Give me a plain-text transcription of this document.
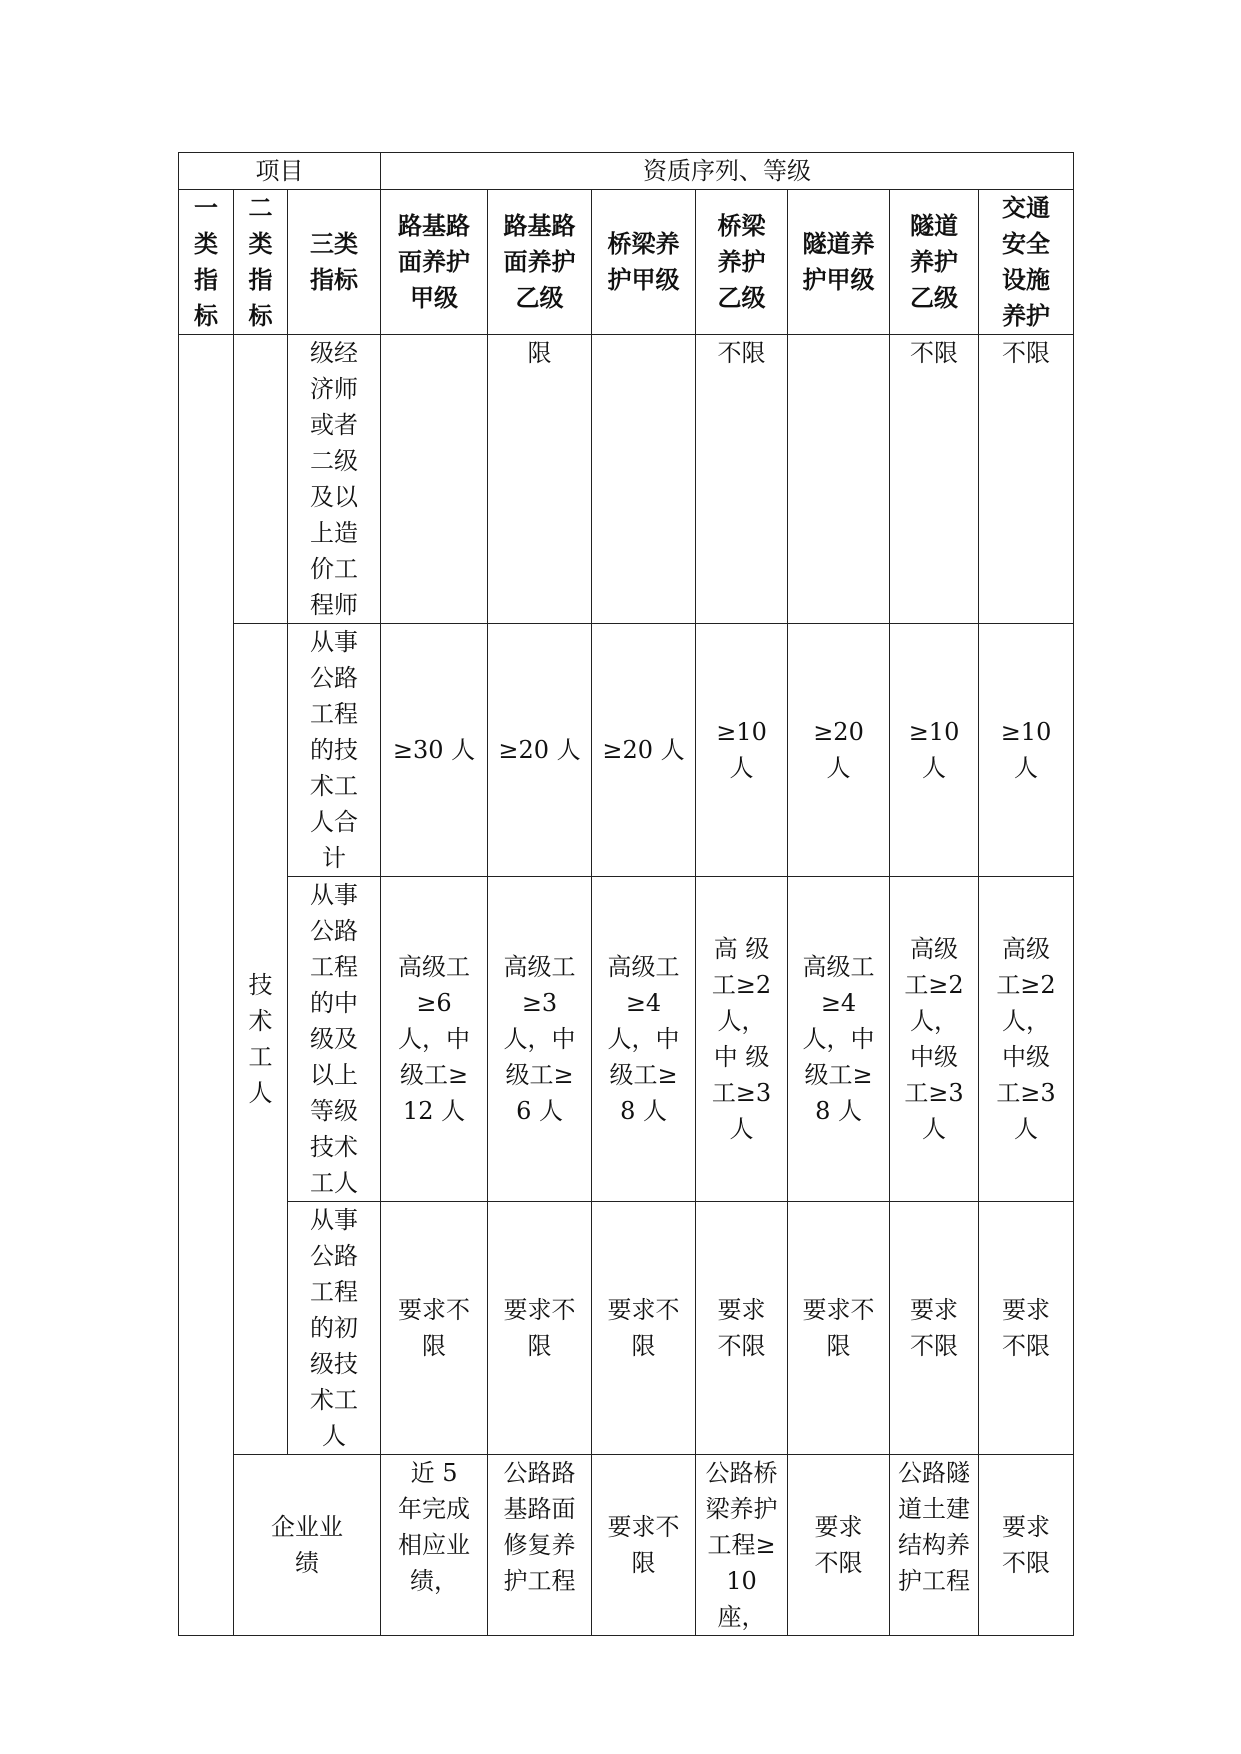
项目			资质序列、等级							

一类指标	二类指标	三类指标	路基路面养护甲级	路基路面养护乙级	桥梁养护甲级	桥梁养护乙级	隧道养护甲级	隧道养护乙级	交通安全设施养护	

		级经济师或者二级及以上造价工程师		限		不限		不限	不限	

	技术工人	从事公路工程的技术工人合计	≥30 人	≥20 人	≥20 人	≥10 人	≥20 人	≥10 人	≥10 人	

		从事公路工程的中级及以上等级技术工人	高级工≥6 人，中级工≥12 人	高级工≥3 人，中级工≥6 人	高级工≥4 人，中级工≥8 人	高 级 工≥2 人，中 级 工≥3 人	高级工≥4 人，中级工≥8 人	高级工≥2 人，中级工≥3 人	高级工≥2 人，中级工≥3 人	

		从事公路工程的初级技术工人	要求不限	要求不限	要求不限	要求不限	要求不限	要求不限	要求不限	

	企业业绩		近 5 年完成相应业绩，	公路路基路面修复养护工程	要求不限	公路桥梁养护工程≥10 座，	要求不限	公路隧道土建结构养护工程	要求不限
